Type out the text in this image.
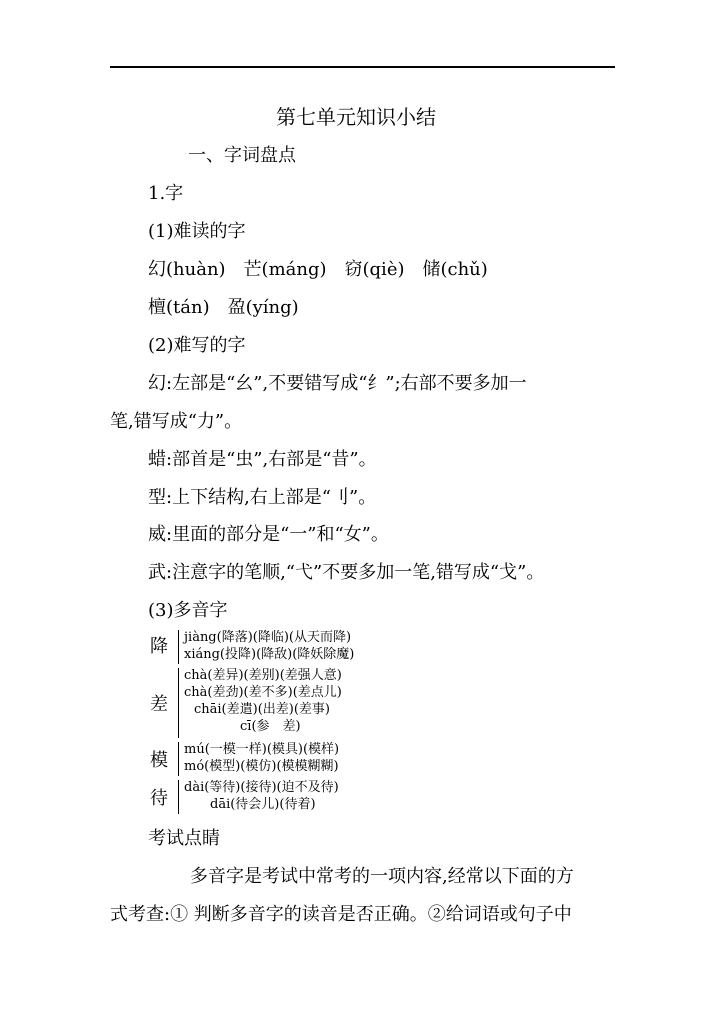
第七单元知识小结
一、字词盘点
1.字
(1)难读的字
幻(huàn)　芒(máng)　窃(qiè)　储(chǔ)
檀(tán)　盈(yíng)
(2)难写的字
幻:左部是“幺”,不要错写成“纟”;右部不要多加一
笔,错写成“力”。
蜡:部首是“虫”,右部是“昔”。
型:上下结构,右上部是“刂”。
威:里面的部分是“一”和“女”。
武:注意字的笔顺,“弋”不要多加一笔,错写成“戈”。
(3)多音字
降 jiàng(降落)(降临)(从天而降)
xiáng(投降)(降敌)(降妖除魔)
差
chà(差异)(差别)(差强人意)
chà(差劲)(差不多)(差点儿)
chāi(差遣)(出差)(差事)
cī(参　差)
模
mú(一模一样)(模具)(模样)
mó(模型)(模仿)(模模糊糊)
待
dài(等待)(接待)(迫不及待)
dāi(待会儿)(待着)
考试点睛
多音字是考试中常考的一项内容,经常以下面的方
式考查:① 判断多音字的读音是否正确。②给词语或句子中
